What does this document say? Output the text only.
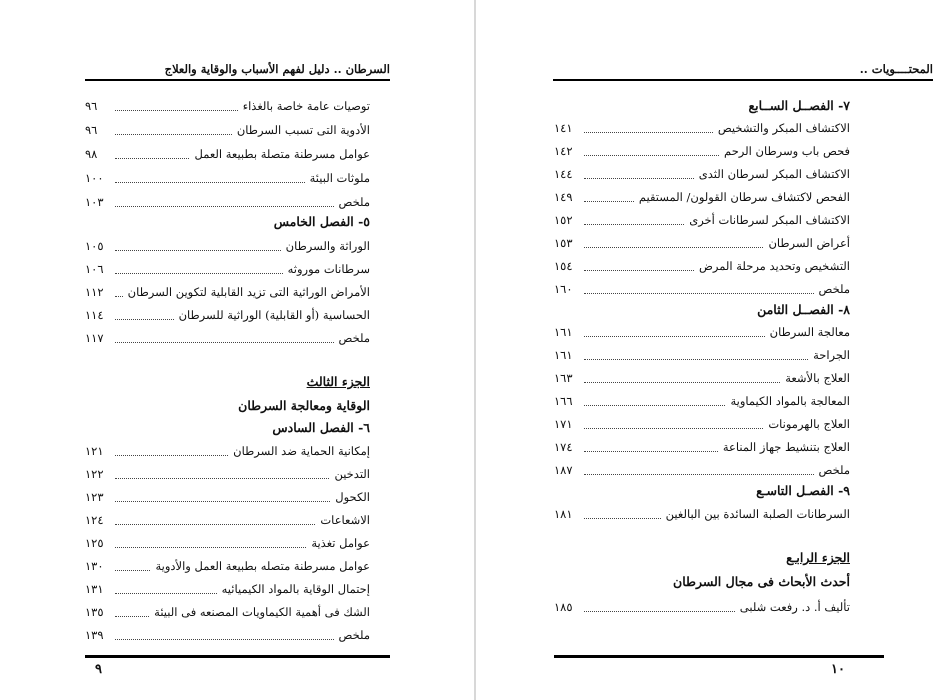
السرطان .. دليل لفهم الأسباب والوقاية والعلاج
توصيات عامة خاصة بالغذاء
٩٦
الأدوية التى تسبب السرطان
٩٦
عوامل مسرطنة متصلة بطبيعة العمل
٩٨
ملوثات البيئة
١٠٠
ملخص
١٠٣
٥- الفصل الخامس
الوراثة والسرطان
١٠٥
سرطانات موروثه
١٠٦
الأمراض الوراثية التى تزيد القابلية لتكوين السرطان
١١٢
الحساسية (أو القابلية) الوراثية للسرطان
١١٤
ملخص
١١٧
الجزء الثالث
الوقاية ومعالجة السرطان
٦- الفصل السادس
إمكانية الحماية ضد السرطان
١٢١
التدخين
١٢٢
الكحول
١٢٣
الاشعاعات
١٢٤
عوامل تغذية
١٢٥
عوامل مسرطنة متصله بطبيعة العمل والأدوية
١٣٠
إحتمال الوقاية بالمواد الكيميائيه
١٣١
الشك فى أهمية الكيماويات المصنعه فى البيئة
١٣٥
ملخص
١٣٩
٩
المحتــــويات ..
٧- الفصــل الســابع
الاكتشاف المبكر والتشخيص
١٤١
فحص باب وسرطان الرحم
١٤٢
الاكتشاف المبكر لسرطان الثدى
١٤٤
الفحص لاكتشاف سرطان القولون/ المستقيم
١٤٩
الاكتشاف المبكر لسرطانات أخرى
١٥٢
أعراض السرطان
١٥٣
التشخيص وتحديد مرحلة المرض
١٥٤
ملخص
١٦٠
٨- الفصــل الثامن
معالجة السرطان
١٦١
الجراحة
١٦١
العلاج بالأشعة
١٦٣
المعالجة بالمواد الكيماوية
١٦٦
العلاج بالهرمونات
١٧١
العلاج بتنشيط جهاز المناعة
١٧٤
ملخص
١٨٧
٩- الفصـل التاسـع
السرطانات الصلبة السائدة بين البالغين
١٨١
الجزء الرابـع
أحدث الأبحاث فى مجال السرطان
تأليف أ. د. رفعت شلبى
١٨٥
١٠
